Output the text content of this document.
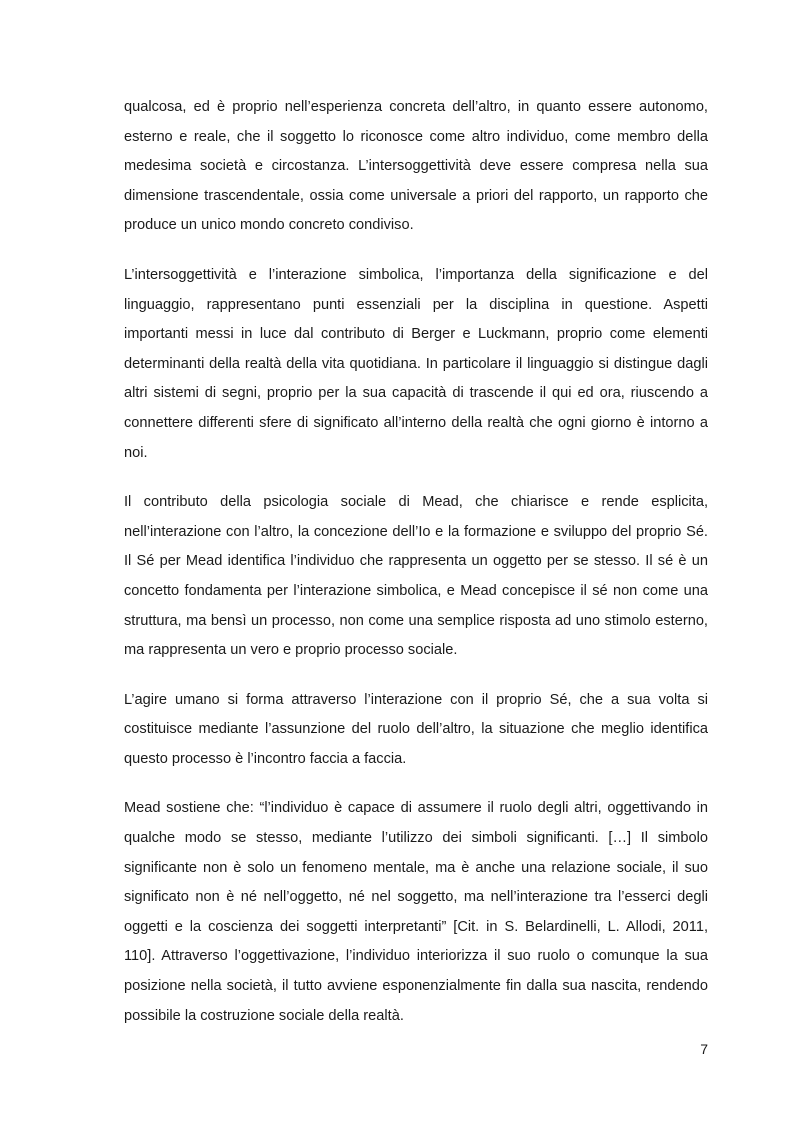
qualcosa, ed è proprio nell’esperienza concreta dell’altro, in quanto essere autonomo,
esterno e reale, che il soggetto lo riconosce come altro individuo, come membro della
medesima società e circostanza. L’intersoggettività deve essere compresa nella sua
dimensione trascendentale, ossia come universale a priori del rapporto, un rapporto che
produce un unico mondo concreto condiviso.
L’intersoggettività e l’interazione simbolica, l’importanza della significazione e del
linguaggio, rappresentano punti essenziali per la disciplina in questione. Aspetti
importanti messi in luce dal contributo di Berger e Luckmann, proprio come elementi
determinanti della realtà della vita quotidiana. In particolare il linguaggio si distingue dagli
altri sistemi di segni, proprio per la sua capacità di trascende il qui ed ora, riuscendo a
connettere differenti sfere di significato all’interno della realtà che ogni giorno è intorno a
noi.
Il contributo della psicologia sociale di Mead, che chiarisce e rende esplicita,
nell’interazione con l’altro, la concezione dell’Io e la formazione e sviluppo del proprio Sé.
Il Sé per Mead identifica l’individuo che rappresenta un oggetto per se stesso. Il sé è un
concetto fondamenta per l’interazione simbolica, e Mead concepisce il sé non come una
struttura, ma bensì un processo, non come una semplice risposta ad uno stimolo esterno,
ma rappresenta un vero e proprio processo sociale.
L’agire umano si forma attraverso l’interazione con il proprio Sé, che a sua volta si
costituisce mediante l’assunzione del ruolo dell’altro, la situazione che meglio identifica
questo processo è l’incontro faccia a faccia.
Mead sostiene che: “l’individuo è capace di assumere il ruolo degli altri, oggettivando in
qualche modo se stesso, mediante l’utilizzo dei simboli significanti. […] Il simbolo
significante non è solo un fenomeno mentale, ma è anche una relazione sociale, il suo
significato non è né nell’oggetto, né nel soggetto, ma nell’interazione tra l’esserci degli
oggetti e la coscienza dei soggetti interpretanti” [Cit. in S. Belardinelli, L. Allodi, 2011,
110]. Attraverso l’oggettivazione, l’individuo interiorizza il suo ruolo o comunque la sua
posizione nella società, il tutto avviene esponenzialmente fin dalla sua nascita, rendendo
possibile la costruzione sociale della realtà.
7
